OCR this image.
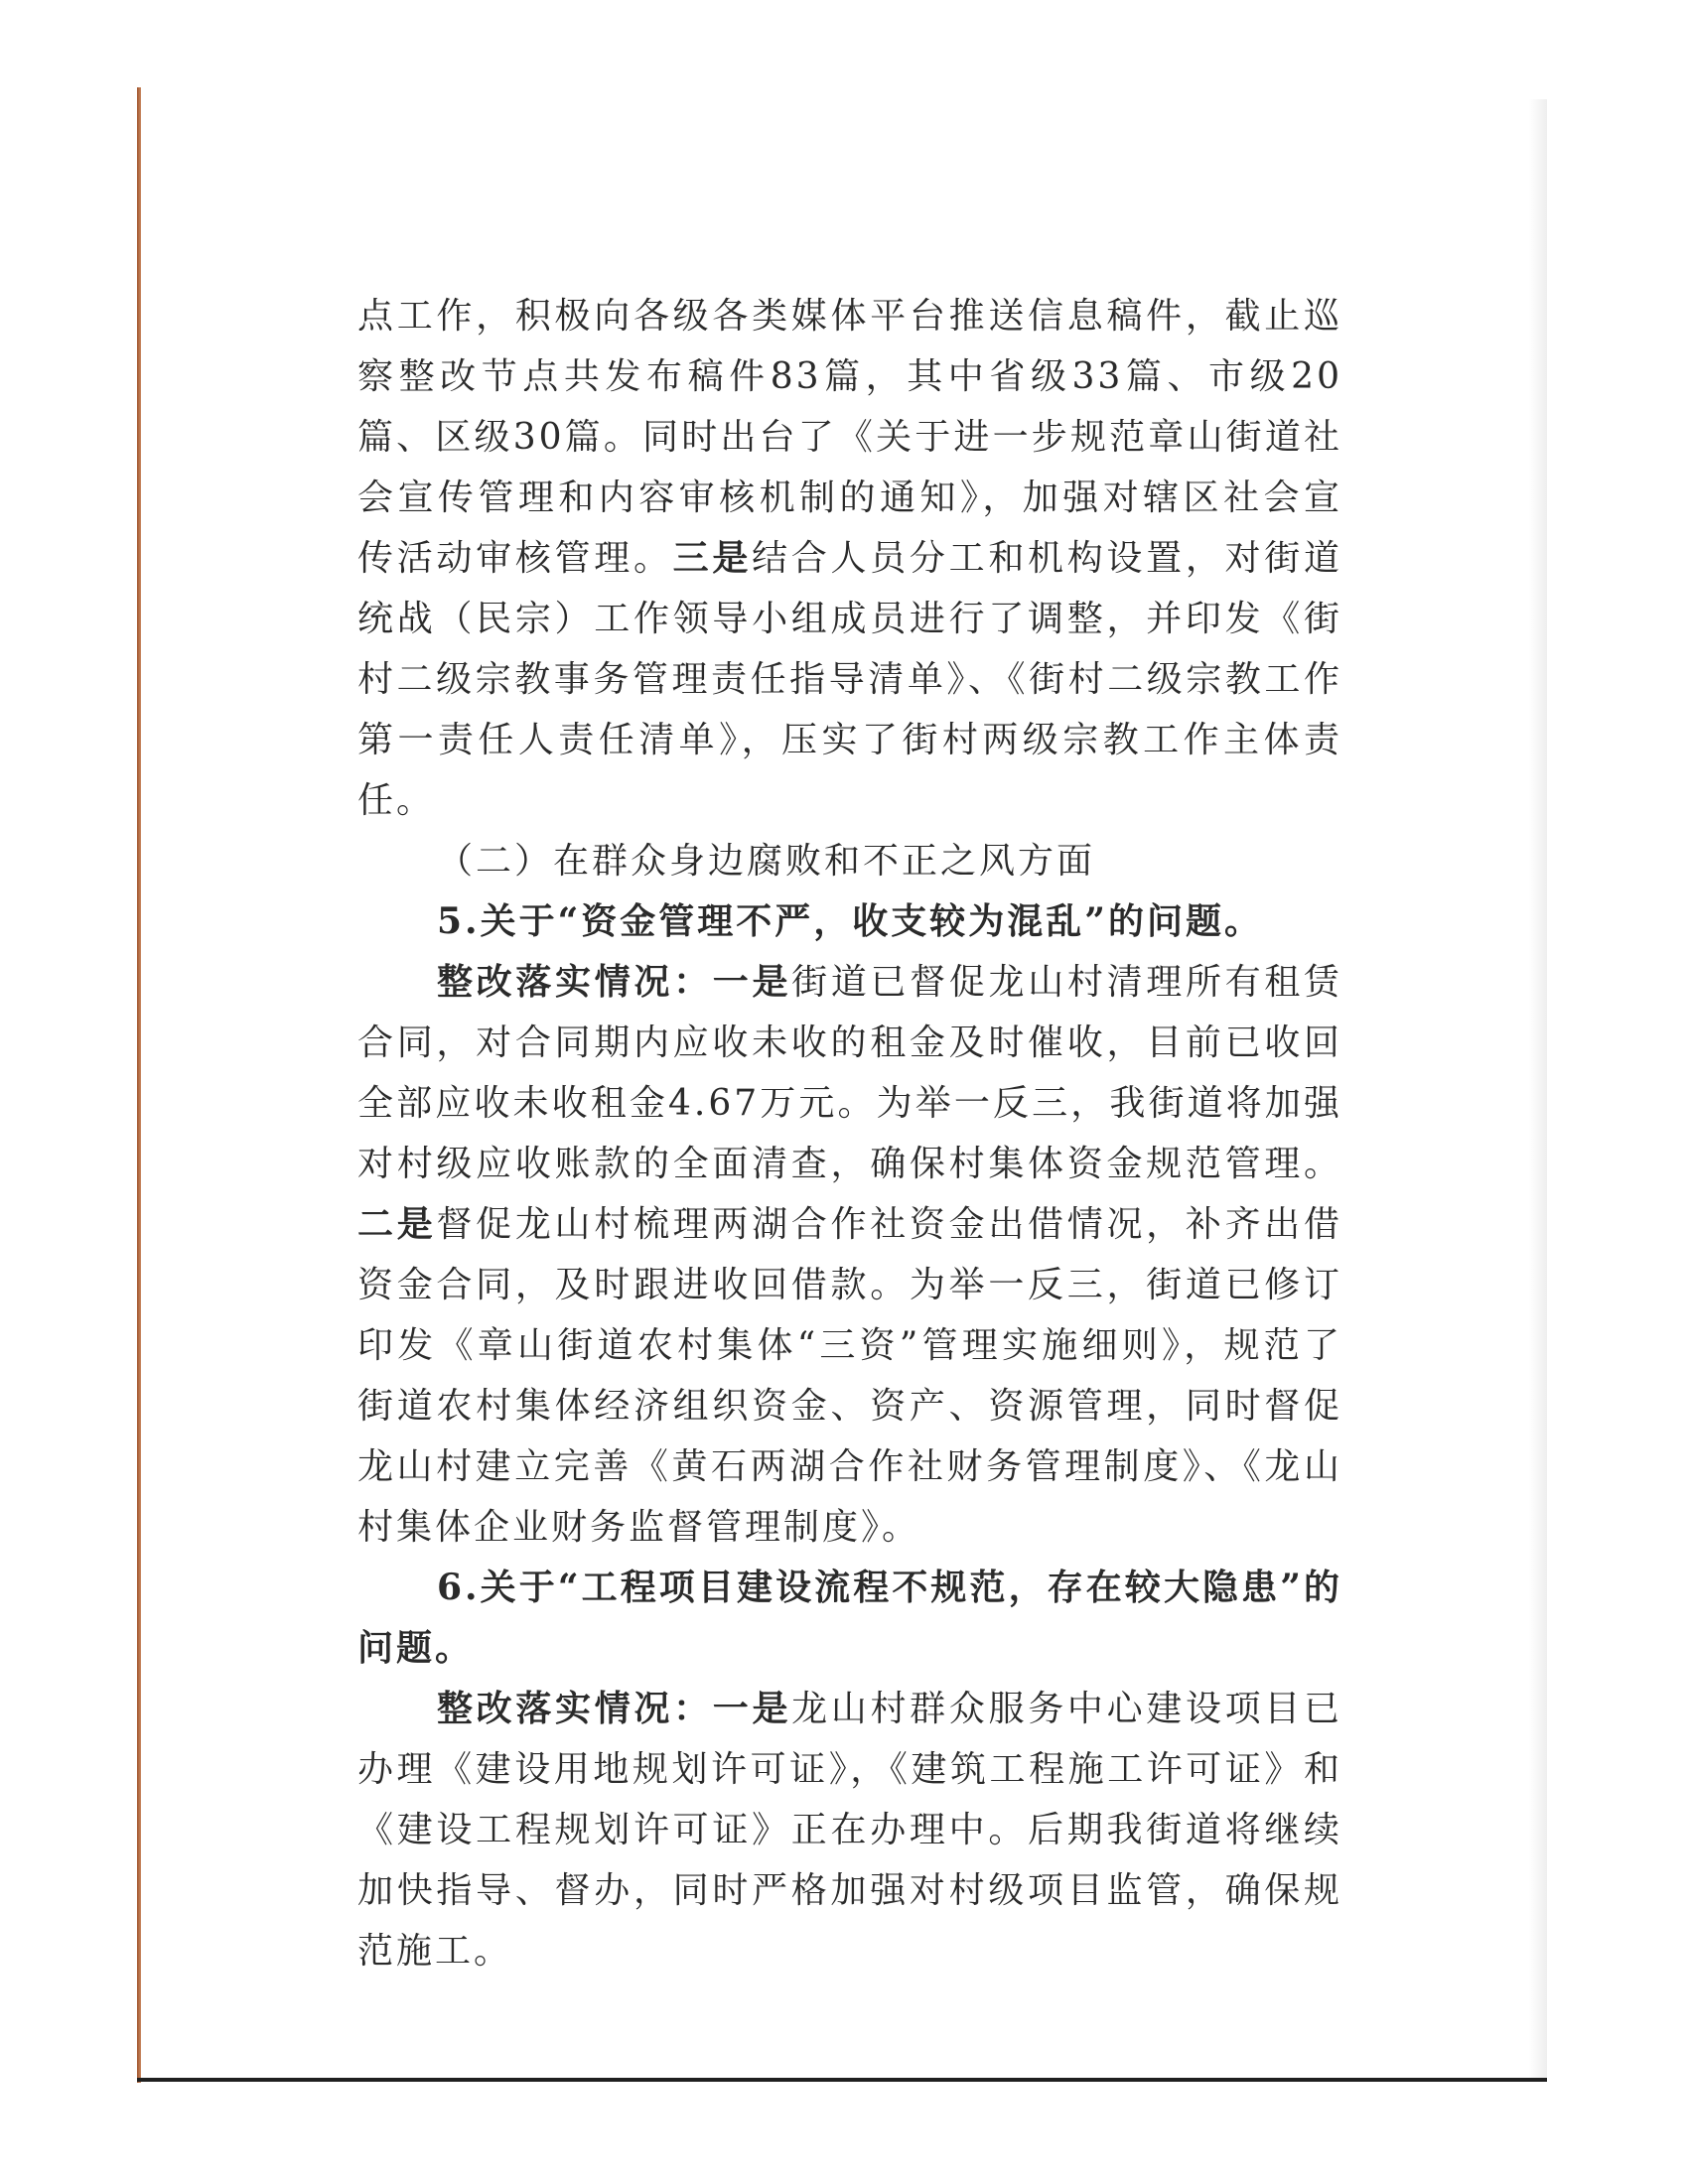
点工作，积极向各级各类媒体平台推送信息稿件，截止巡察整改节点共发布稿件83篇，其中省级33篇、市级20篇、区级30篇。同时出台了《关于进一步规范章山街道社会宣传管理和内容审核机制的通知》，加强对辖区社会宣传活动审核管理。三是结合人员分工和机构设置，对街道统战（民宗）工作领导小组成员进行了调整，并印发《街村二级宗教事务管理责任指导清单》、《街村二级宗教工作第一责任人责任清单》，压实了街村两级宗教工作主体责任。

（二）在群众身边腐败和不正之风方面

5.关于“资金管理不严，收支较为混乱”的问题。

整改落实情况：一是街道已督促龙山村清理所有租赁合同，对合同期内应收未收的租金及时催收，目前已收回全部应收未收租金4.67万元。为举一反三，我街道将加强对村级应收账款的全面清查，确保村集体资金规范管理。二是督促龙山村梳理两湖合作社资金出借情况，补齐出借资金合同，及时跟进收回借款。为举一反三，街道已修订印发《章山街道农村集体“三资”管理实施细则》，规范了街道农村集体经济组织资金、资产、资源管理，同时督促龙山村建立完善《黄石两湖合作社财务管理制度》、《龙山村集体企业财务监督管理制度》。

6.关于“工程项目建设流程不规范，存在较大隐患”的问题。

整改落实情况：一是龙山村群众服务中心建设项目已办理《建设用地规划许可证》，《建筑工程施工许可证》和《建设工程规划许可证》正在办理中。后期我街道将继续加快指导、督办，同时严格加强对村级项目监管，确保规范施工。
